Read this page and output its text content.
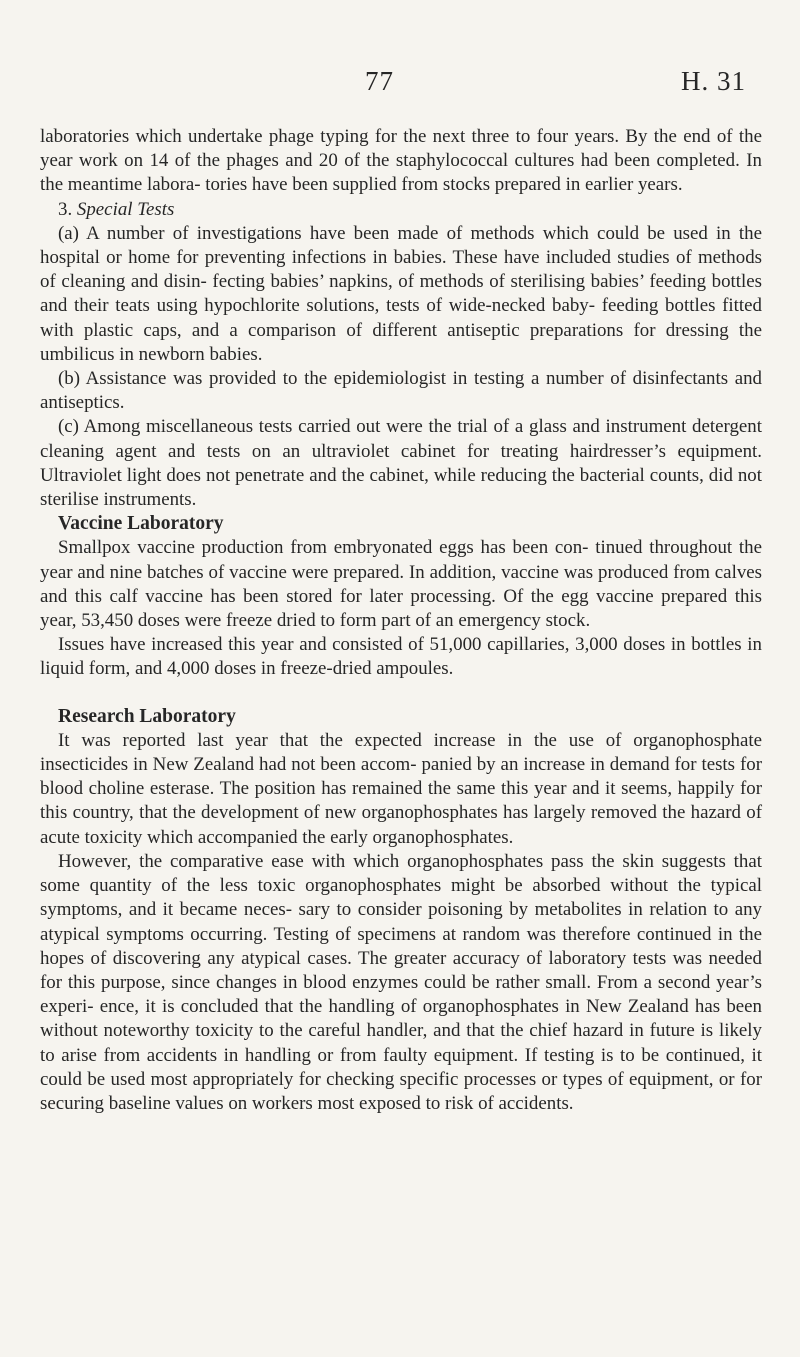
77	H. 31

laboratories which undertake phage typing for the next three to four years. By the end of the year work on 14 of the phages and 20 of the staphylococcal cultures had been completed. In the meantime labora- tories have been supplied from stocks prepared in earlier years.

3. Special Tests

(a) A number of investigations have been made of methods which could be used in the hospital or home for preventing infections in babies. These have included studies of methods of cleaning and disin- fecting babies’ napkins, of methods of sterilising babies’ feeding bottles and their teats using hypochlorite solutions, tests of wide-necked baby- feeding bottles fitted with plastic caps, and a comparison of different antiseptic preparations for dressing the umbilicus in newborn babies.

(b) Assistance was provided to the epidemiologist in testing a number of disinfectants and antiseptics.

(c) Among miscellaneous tests carried out were the trial of a glass and instrument detergent cleaning agent and tests on an ultraviolet cabinet for treating hairdresser’s equipment. Ultraviolet light does not penetrate and the cabinet, while reducing the bacterial counts, did not sterilise instruments.

Vaccine Laboratory

Smallpox vaccine production from embryonated eggs has been con- tinued throughout the year and nine batches of vaccine were prepared. In addition, vaccine was produced from calves and this calf vaccine has been stored for later processing. Of the egg vaccine prepared this year, 53,450 doses were freeze dried to form part of an emergency stock.

Issues have increased this year and consisted of 51,000 capillaries, 3,000 doses in bottles in liquid form, and 4,000 doses in freeze-dried ampoules.

Research Laboratory

It was reported last year that the expected increase in the use of organophosphate insecticides in New Zealand had not been accom- panied by an increase in demand for tests for blood choline esterase. The position has remained the same this year and it seems, happily for this country, that the development of new organophosphates has largely removed the hazard of acute toxicity which accompanied the early organophosphates.

However, the comparative ease with which organophosphates pass the skin suggests that some quantity of the less toxic organophosphates might be absorbed without the typical symptoms, and it became neces- sary to consider poisoning by metabolites in relation to any atypical symptoms occurring. Testing of specimens at random was therefore continued in the hopes of discovering any atypical cases. The greater accuracy of laboratory tests was needed for this purpose, since changes in blood enzymes could be rather small. From a second year’s experi- ence, it is concluded that the handling of organophosphates in New Zealand has been without noteworthy toxicity to the careful handler, and that the chief hazard in future is likely to arise from accidents in handling or from faulty equipment. If testing is to be continued, it could be used most appropriately for checking specific processes or types of equipment, or for securing baseline values on workers most exposed to risk of accidents.
